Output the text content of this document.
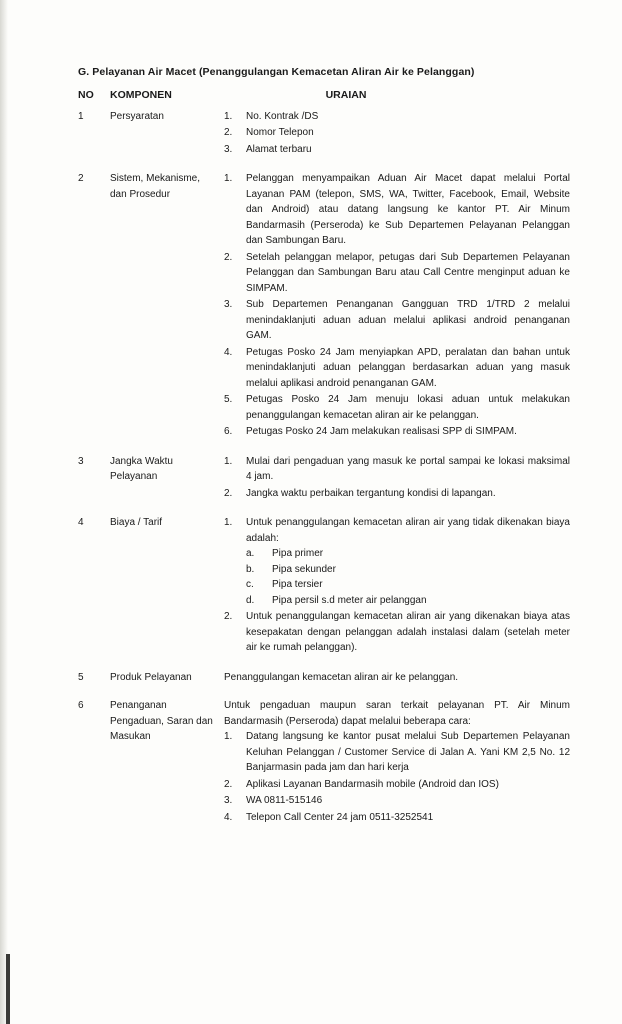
G. Pelayanan Air Macet (Penanggulangan Kemacetan Aliran Air ke Pelanggan)
NO	KOMPONEN	URAIAN
1	Persyaratan	1. No. Kontrak /DS
2. Nomor Telepon
3. Alamat terbaru
2	Sistem, Mekanisme, dan Prosedur
1. Pelanggan menyampaikan Aduan Air Macet dapat melalui Portal Layanan PAM (telepon, SMS, WA, Twitter, Facebook, Email, Website dan Android) atau datang langsung ke kantor PT. Air Minum Bandarmasih (Perseroda) ke Sub Departemen Pelayanan Pelanggan dan Sambungan Baru.
2. Setelah pelanggan melapor, petugas dari Sub Departemen Pelayanan Pelanggan dan Sambungan Baru atau Call Centre menginput aduan ke SIMPAM.
3. Sub Departemen Penanganan Gangguan TRD 1/TRD 2 melalui menindaklanjuti aduan aduan melalui aplikasi android penanganan GAM.
4. Petugas Posko 24 Jam menyiapkan APD, peralatan dan bahan untuk menindaklanjuti aduan pelanggan berdasarkan aduan yang masuk melalui aplikasi android penanganan GAM.
5. Petugas Posko 24 Jam menuju lokasi aduan untuk melakukan penanggulangan kemacetan aliran air ke pelanggan.
6. Petugas Posko 24 Jam melakukan realisasi SPP di SIMPAM.
3	Jangka Waktu Pelayanan
1. Mulai dari pengaduan yang masuk ke portal sampai ke lokasi maksimal 4 jam.
2. Jangka waktu perbaikan tergantung kondisi di lapangan.
4	Biaya / Tarif	1. Untuk penanggulangan kemacetan aliran air yang tidak dikenakan biaya adalah:
a. Pipa primer
b. Pipa sekunder
c. Pipa tersier
d. Pipa persil s.d meter air pelanggan
2. Untuk penanggulangan kemacetan aliran air yang dikenakan biaya atas kesepakatan dengan pelanggan adalah instalasi dalam (setelah meter air ke rumah pelanggan).
5	Produk Pelayanan	Penanggulangan kemacetan aliran air ke pelanggan.
6	Penanganan Pengaduan, Saran dan Masukan
Untuk pengaduan maupun saran terkait pelayanan PT. Air Minum Bandarmasih (Perseroda) dapat melalui beberapa cara:
1. Datang langsung ke kantor pusat melalui Sub Departemen Pelayanan Keluhan Pelanggan / Customer Service di Jalan A. Yani KM 2,5 No. 12 Banjarmasin pada jam dan hari kerja
2. Aplikasi Layanan Bandarmasih mobile (Android dan IOS)
3. WA 0811-515146
4. Telepon Call Center 24 jam 0511-3252541
